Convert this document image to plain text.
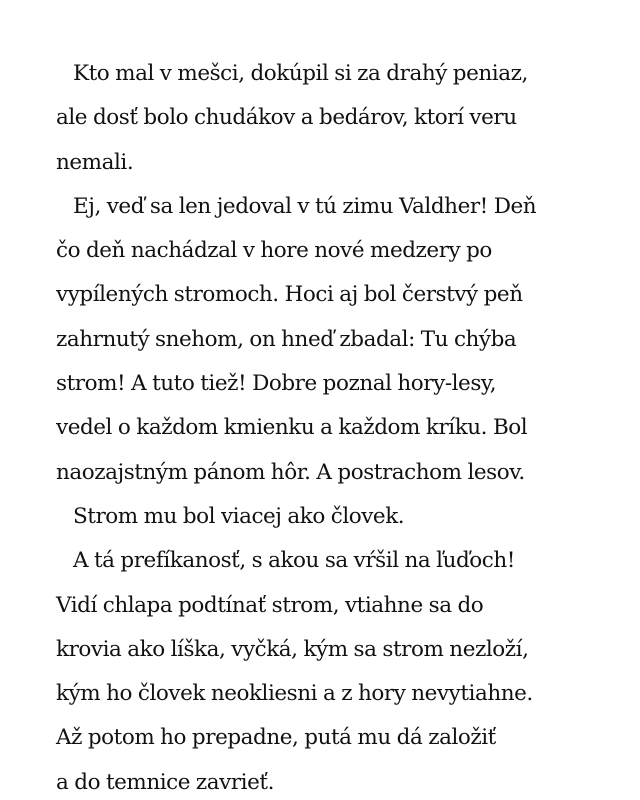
Kto mal v mešci, dokúpil si za drahý peniaz,
ale dosť bolo chudákov a bedárov, ktorí veru
nemali.
Ej, veď sa len jedoval v tú zimu Valdher! Deň
čo deň nachádzal v hore nové medzery po
vypílených stromoch. Hoci aj bol čerstvý peň
zahrnutý snehom, on hneď zbadal: Tu chýba
strom! A tuto tiež! Dobre poznal hory-lesy,
vedel o každom kmienku a každom kríku. Bol
naozajstným pánom hôr. A postrachom lesov.
Strom mu bol viacej ako človek.
A tá prefíkanosť, s akou sa vŕšil na ľuďoch!
Vidí chlapa podtínať strom, vtiahne sa do
krovia ako líška, vyčká, kým sa strom nezloží,
kým ho človek neokliesni a z hory nevytiahne.
Až potom ho prepadne, putá mu dá založiť
a do temnice zavrieť.
